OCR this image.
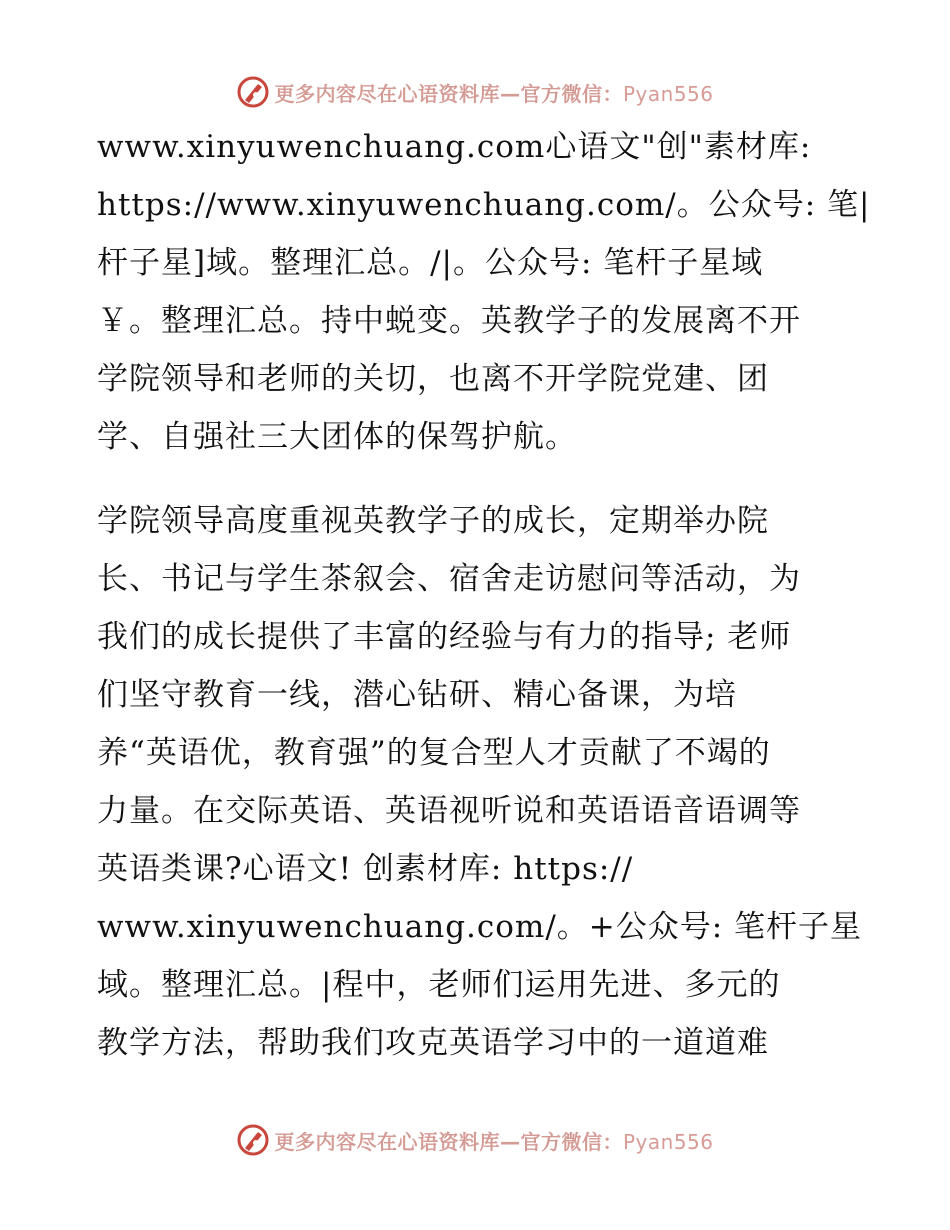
更多内容尽在心语资料库—官方微信：Pyan556
www.xinyuwenchuang.com心语文"创"素材库:
https://www.xinyuwenchuang.com/。公众号: 笔|
杆子星]域。整理汇总。/|。公众号: 笔杆子星域
￥。整理汇总。持中蜕变。英教学子的发展离不开
学院领导和老师的关切，也离不开学院党建、团
学、自强社三大团体的保驾护航。
学院领导高度重视英教学子的成长，定期举办院
长、书记与学生茶叙会、宿舍走访慰问等活动，为
我们的成长提供了丰富的经验与有力的指导; 老师
们坚守教育一线，潜心钻研、精心备课，为培
养“英语优，教育强”的复合型人才贡献了不竭的
力量。在交际英语、英语视听说和英语语音语调等
英语类课?心语文! 创素材库: https://
www.xinyuwenchuang.com/。+公众号: 笔杆子星
域。整理汇总。|程中，老师们运用先进、多元的
教学方法，帮助我们攻克英语学习中的一道道难
更多内容尽在心语资料库—官方微信：Pyan556
